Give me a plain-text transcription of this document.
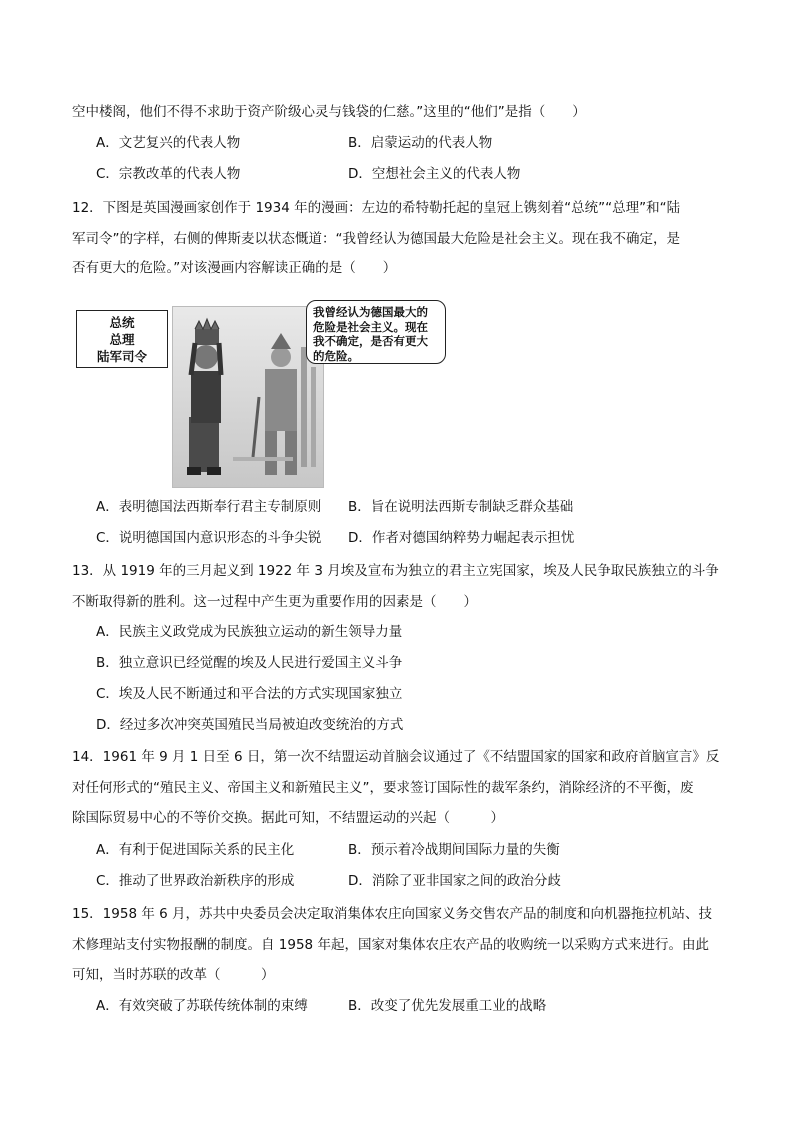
空中楼阁，他们不得不求助于资产阶级心灵与钱袋的仁慈。”这里的“他们”是指（　　）
A．文艺复兴的代表人物	B．启蒙运动的代表人物
C．宗教改革的代表人物	D．空想社会主义的代表人物
12．下图是英国漫画家创作于 1934 年的漫画：左边的希特勒托起的皇冠上镌刻着“总统”“总理”和“陆
军司令”的字样，右侧的俾斯麦以状态慨道：“我曾经认为德国最大危险是社会主义。现在我不确定，是
否有更大的危险。”对该漫画内容解读正确的是（　　）
总统
总理
陆军司令
我曾经认为德国最大的危险是社会主义。现在我不确定，是否有更大的危险。
A．表明德国法西斯奉行君主专制原则 B．旨在说明法西斯专制缺乏群众基础
C．说明德国国内意识形态的斗争尖锐 D．作者对德国纳粹势力崛起表示担忧
13．从 1919 年的三月起义到 1922 年 3 月埃及宣布为独立的君主立宪国家，埃及人民争取民族独立的斗争
不断取得新的胜利。这一过程中产生更为重要作用的因素是（　　）
A．民族主义政党成为民族独立运动的新生领导力量
B．独立意识已经觉醒的埃及人民进行爱国主义斗争
C．埃及人民不断通过和平合法的方式实现国家独立
D．经过多次冲突英国殖民当局被迫改变统治的方式
14．1961 年 9 月 1 日至 6 日，第一次不结盟运动首脑会议通过了《不结盟国家的国家和政府首脑宣言》反
对任何形式的“殖民主义、帝国主义和新殖民主义”，要求签订国际性的裁军条约，消除经济的不平衡，废
除国际贸易中心的不等价交换。据此可知，不结盟运动的兴起（　　　）
A．有利于促进国际关系的民主化	B．预示着冷战期间国际力量的失衡
C．推动了世界政治新秩序的形成	D．消除了亚非国家之间的政治分歧
15．1958 年 6 月，苏共中央委员会决定取消集体农庄向国家义务交售农产品的制度和向机器拖拉机站、技
术修理站支付实物报酬的制度。自 1958 年起，国家对集体农庄农产品的收购统一以采购方式来进行。由此
可知，当时苏联的改革（　　　）
A．有效突破了苏联传统体制的束缚	B．改变了优先发展重工业的战略
